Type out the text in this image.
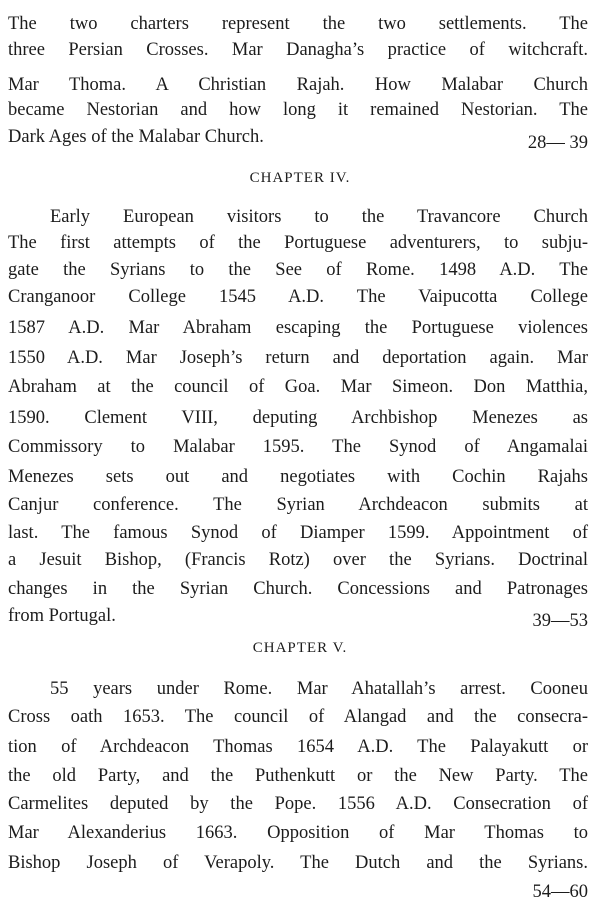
The two charters represent the two settlements. The
three Persian Crosses. Mar Danagha’s practice of witchcraft.
Mar Thoma. A Christian Rajah. How Malabar Church
became Nestorian and how long it remained Nestorian. The
Dark Ages of the Malabar Church.	28— 39
CHAPTER IV.
Early European visitors to the Travancore Church
The first attempts of the Portuguese adventurers, to subju-
gate the Syrians to the See of Rome. 1498 A.D. The
Cranganoor College 1545 A.D. The Vaipucotta College
1587 A.D. Mar Abraham escaping the Portuguese violences
1550 A.D. Mar Joseph’s return and deportation again. Mar
Abraham at the council of Goa. Mar Simeon. Don Matthia,
1590. Clement VIII, deputing Archbishop Menezes as
Commissory to Malabar 1595. The Synod of Angamalai
Menezes sets out and negotiates with Cochin Rajahs
Canjur conference. The Syrian Archdeacon submits at
last. The famous Synod of Diamper 1599. Appointment of
a Jesuit Bishop, (Francis Rotz) over the Syrians. Doctrinal
changes in the Syrian Church. Concessions and Patronages
from Portugal.	39—53
CHAPTER V.
55 years under Rome. Mar Ahatallah’s arrest. Cooneu
Cross oath 1653. The council of Alangad and the consecra-
tion of Archdeacon Thomas 1654 A.D. The Palayakutt or
the old Party, and the Puthenkutt or the New Party. The
Carmelites deputed by the Pope. 1556 A.D. Consecration of
Mar Alexanderius 1663. Opposition of Mar Thomas to
Bishop Joseph of Verapoly. The Dutch and the Syrians.
54—60
